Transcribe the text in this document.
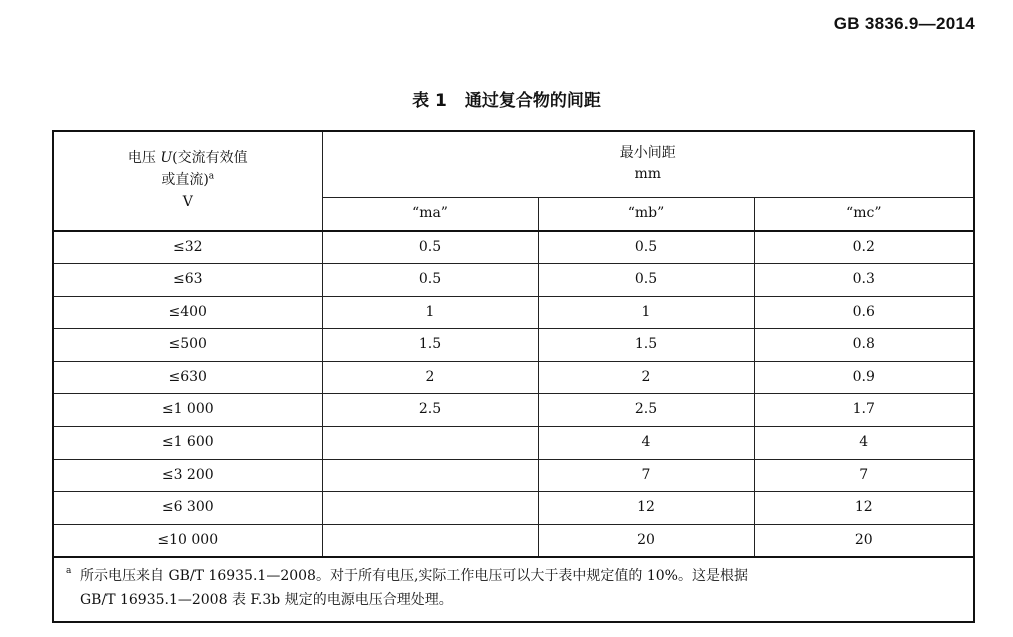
GB 3836.9—2014
表 1 通过复合物的间距
电压 U(交流有效值
或直流)$^a$
V	最小间距
mm		
	“ma”	“mb”	“mc”
≤32	0.5	0.5	0.2
≤63	0.5	0.5	0.3
≤400	1	1	0.6
≤500	1.5	1.5	0.8
≤630	2	2	0.9
≤1 000	2.5	2.5	1.7
≤1 600		4	4
≤3 200		7	7
≤6 300		12	12
≤10 000		20	20

a 所示电压来自 GB/T 16935.1—2008。对于所有电压,实际工作电压可以大于表中规定值的 10%。这是根据
GB/T 16935.1—2008 表 F.3b 规定的电源电压合理处理。			
